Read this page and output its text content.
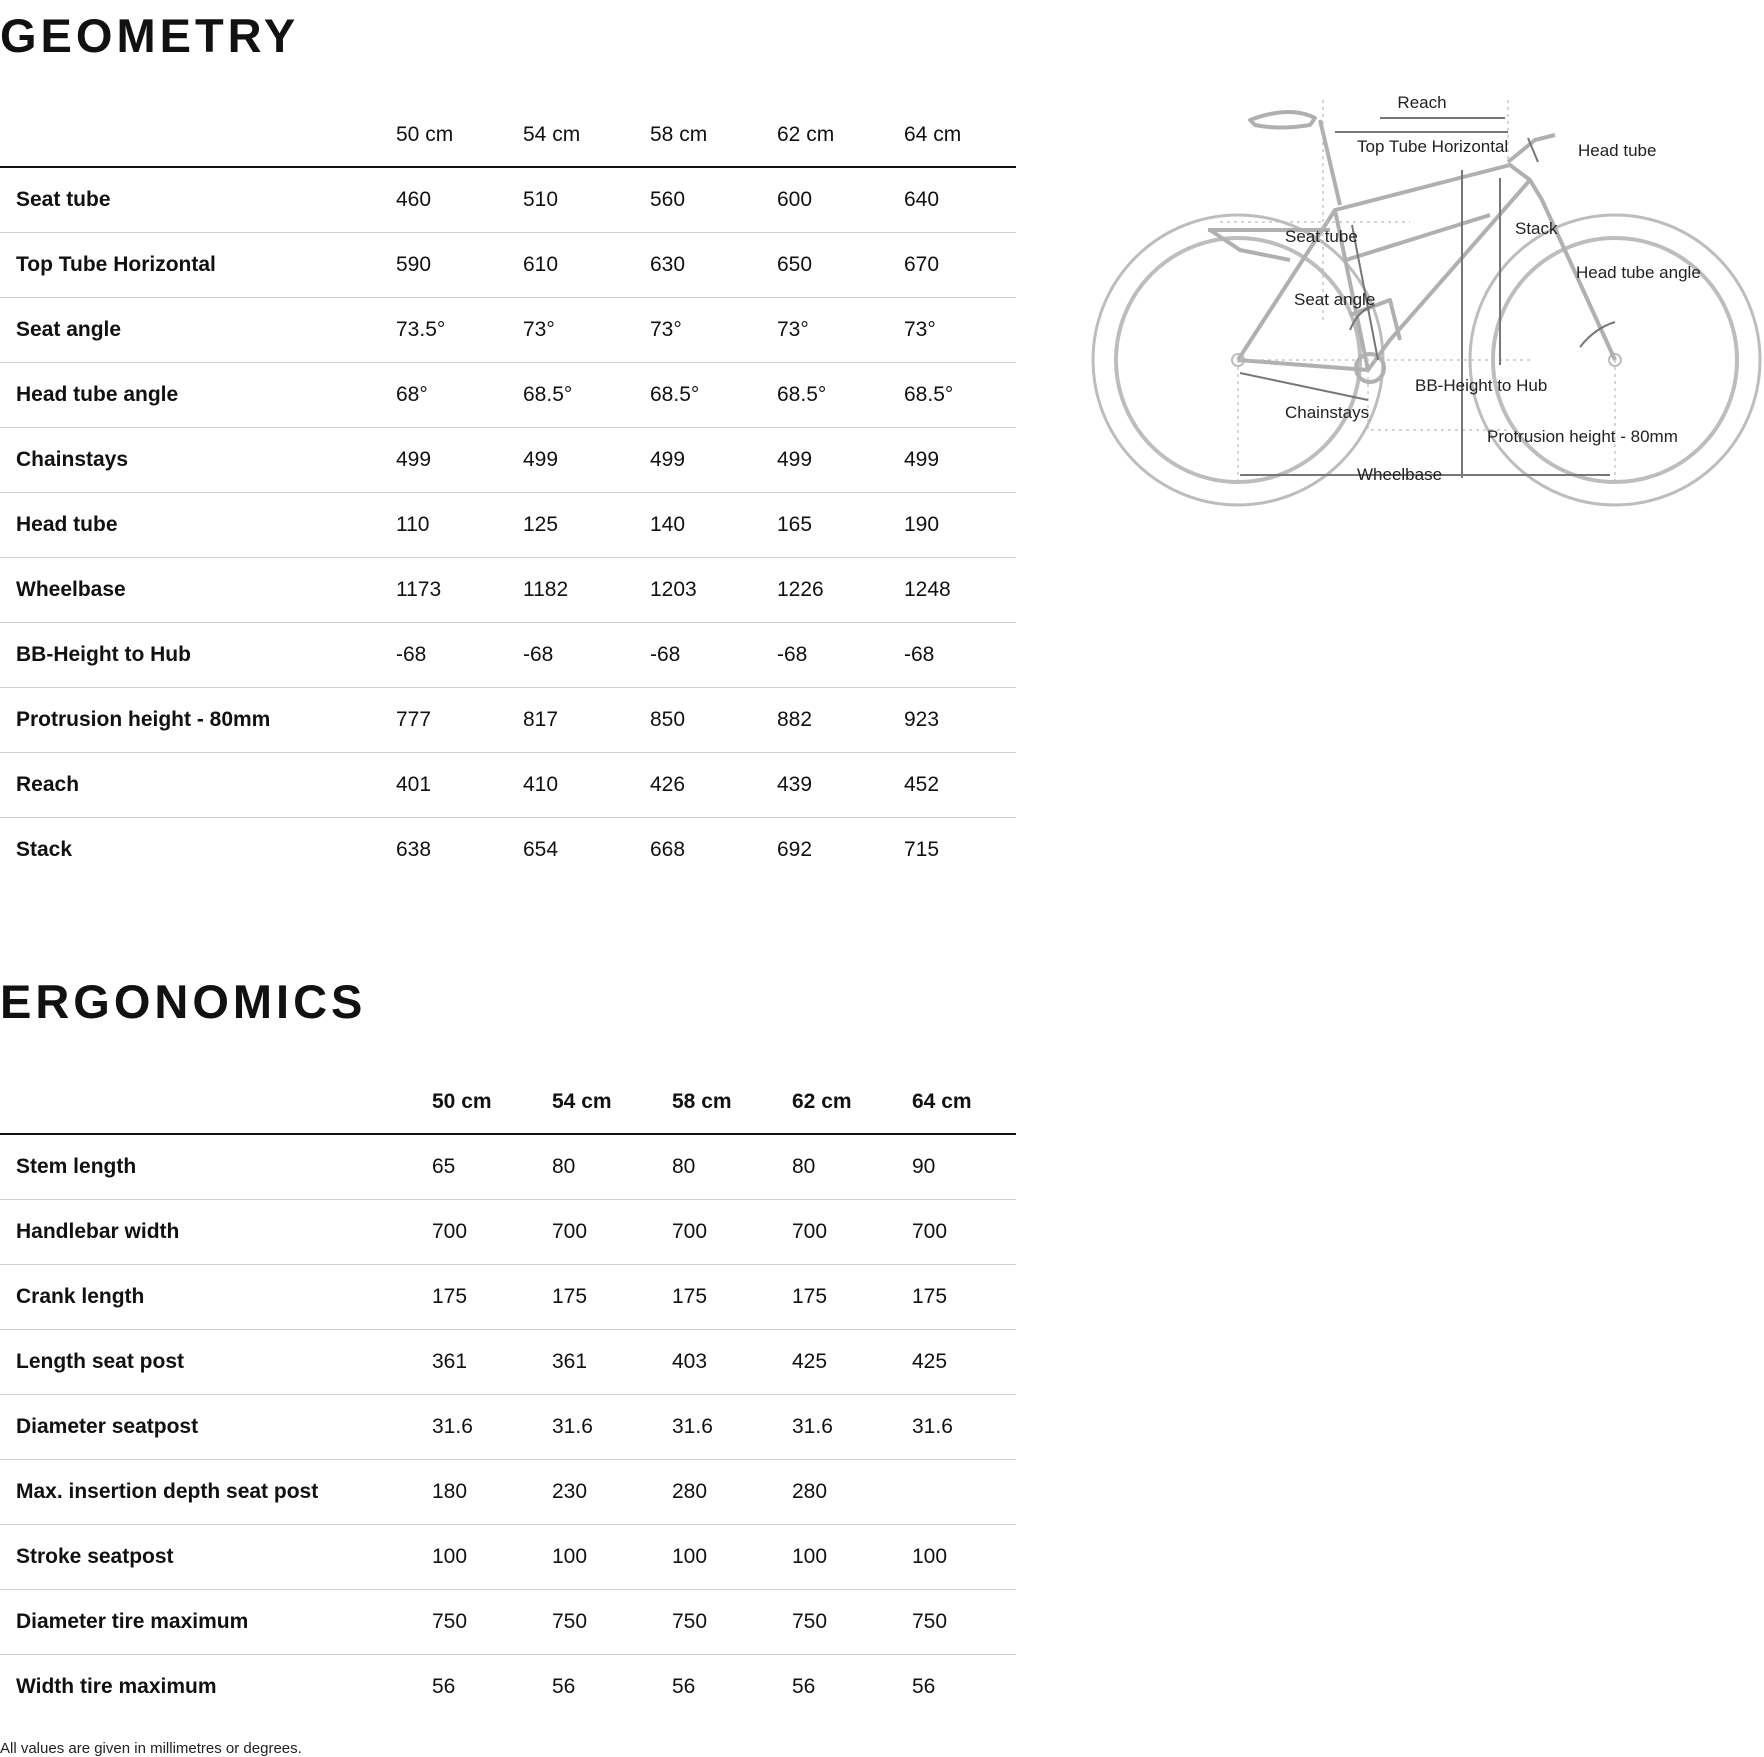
GEOMETRY
	50 cm	54 cm	58 cm	62 cm	64 cm
Seat tube	460	510	560	600	640
Top Tube Horizontal	590	610	630	650	670
Seat angle	73.5°	73°	73°	73°	73°
Head tube angle	68°	68.5°	68.5°	68.5°	68.5°
Chainstays	499	499	499	499	499
Head tube	110	125	140	165	190
Wheelbase	1173	1182	1203	1226	1248
BB-Height to Hub	-68	-68	-68	-68	-68
Protrusion height - 80mm	777	817	850	882	923
Reach	401	410	426	439	452
Stack	638	654	668	692	715
Reach
Top Tube Horizontal	Head tube
Seat tube	Stack
Head tube angle
Seat angle
BB-Height to Hub
Chainstays
Protrusion height - 80mm
Wheelbase
ERGONOMICS
	50 cm	54 cm	58 cm	62 cm	64 cm
Stem length	65	80	80	80	90
Handlebar width	700	700	700	700	700
Crank length	175	175	175	175	175
Length seat post	361	361	403	425	425
Diameter seatpost	31.6	31.6	31.6	31.6	31.6
Max. insertion depth seat post	180	230	280	280	
Stroke seatpost	100	100	100	100	100
Diameter tire maximum	750	750	750	750	750
Width tire maximum	56	56	56	56	56
All values are given in millimetres or degrees.
